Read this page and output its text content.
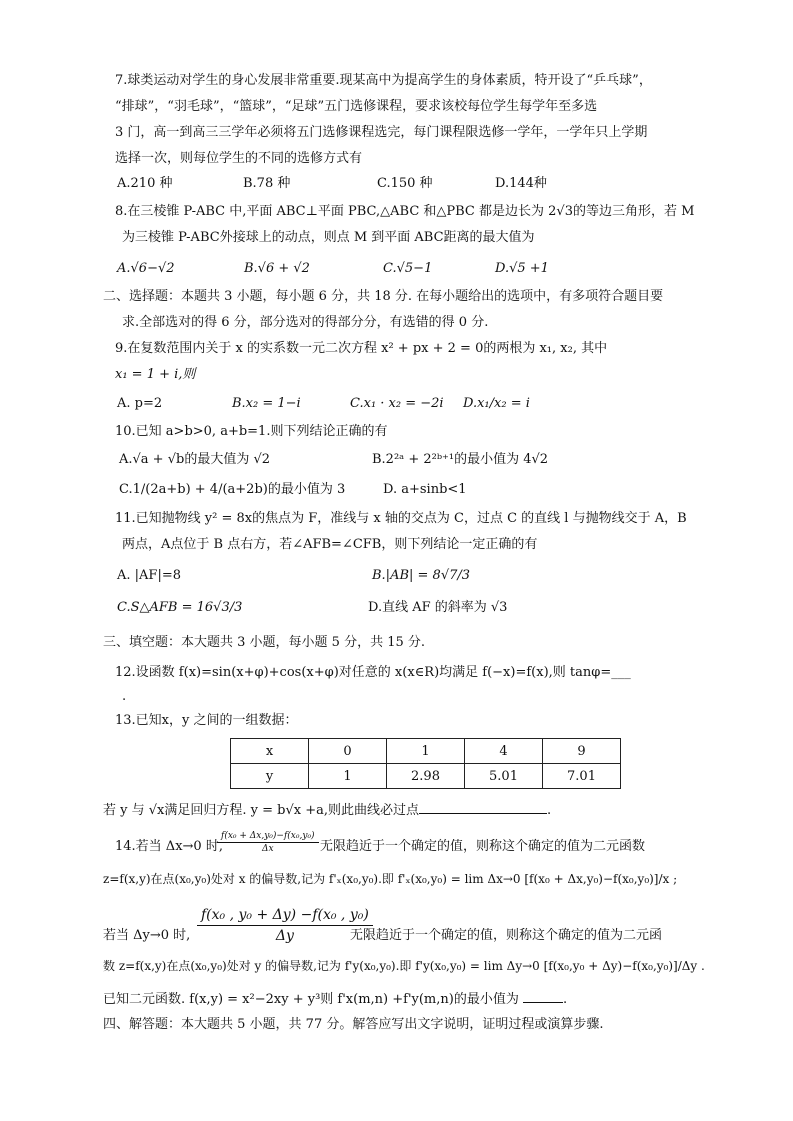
7.球类运动对学生的身心发展非常重要.现某高中为提高学生的身体素质，特开设了“乒乓球”，
“排球”，“羽毛球”，“篮球”，“足球”五门选修课程，要求该校每位学生每学年至多选
3 门，高一到高三三学年必须将五门选修课程选完，每门课程限选修一学年，一学年只上学期
选择一次，则每位学生的不同的选修方式有
A.210 种	B.78 种	C.150 种	D.144种
8.在三棱锥 P-ABC 中,平面 ABC⊥平面 PBC,△ABC 和△PBC 都是边长为 2√3的等边三角形，若 M
为三棱锥 P-ABC外接球上的动点，则点 M 到平面 ABC距离的最大值为
A.√6−√2	B.√6 + √2	C.√5−1	D.√5 +1
二、选择题：本题共 3 小题，每小题 6 分，共 18 分. 在每小题给出的选项中，有多项符合题目要
求.全部选对的得 6 分，部分选对的得部分分，有选错的得 0 分.
9.在复数范围内关于 x 的实系数一元二次方程 x² + px + 2 = 0的两根为 x₁, x₂, 其中
x₁ = 1 + i,则
A. p=2	B.x₂ = 1−i	C.x₁ · x₂ = −2i D.x₁/x₂ = i
10.已知 a>b>0, a+b=1.则下列结论正确的有
A.√a + √b的最大值为 √2	B.2²ᵃ + 2²ᵇ⁺¹的最小值为 4√2
C.1/(2a+b) + 4/(a+2b)的最小值为 3	D. a+sinb<1
11.已知抛物线 y² = 8x的焦点为 F，准线与 x 轴的交点为 C，过点 C 的直线 l 与抛物线交于 A，B
两点，A点位于 B 点右方，若∠AFB=∠CFB，则下列结论一定正确的有
A. |AF|=8	B.|AB| = 8√7/3
C.S△AFB = 16√3/3	D.直线 AF 的斜率为 √3
三、填空题：本大题共 3 小题，每小题 5 分，共 15 分.
12.设函数 f(x)=sin(x+φ)+cos(x+φ)对任意的 x(x∈R)均满足 f(−x)=f(x),则 tanφ=___
.
13.已知x，y 之间的一组数据：
x	0	1	4	9
y	1	2.98	5.01	7.01
若 y 与 √x满足回归方程. y = b√x +a,则此曲线必过点	.
14.若当 Δx→0 时,
$\frac{\text{f(x₀ + Δx,y₀)−f(x₀,y₀)}}{\Delta x}$ 无限趋近于一个确定的值，则称这个确定的值为二元函数
z=f(x,y)在点(x₀,y₀)处对 x 的偏导数,记为 f'ₓ(x₀,y₀).即 f'ₓ(x₀,y₀) = lim Δx→0 [f(x₀ + Δx,y₀)−f(x₀,y₀)]/x ;
若当 Δy→0 时, $\frac{\text{f(x₀ , y₀ + Δy) −f(x₀ , y₀)}}{\Delta y}$
无限趋近于一个确定的值，则称这个确定的值为二元函
数 z=f(x,y)在点(x₀,y₀)处对 y 的偏导数,记为 f'y(x₀,y₀).即 f'y(x₀,y₀) = lim Δy→0 [f(x₀,y₀ + Δy)−f(x₀,y₀)]/Δy .
已知二元函数. f(x,y) = x²−2xy + y³则 f'x(m,n) +f'y(m,n)的最小值为	.
四、解答题：本大题共 5 小题，共 77 分。解答应写出文字说明，证明过程或演算步骤.
